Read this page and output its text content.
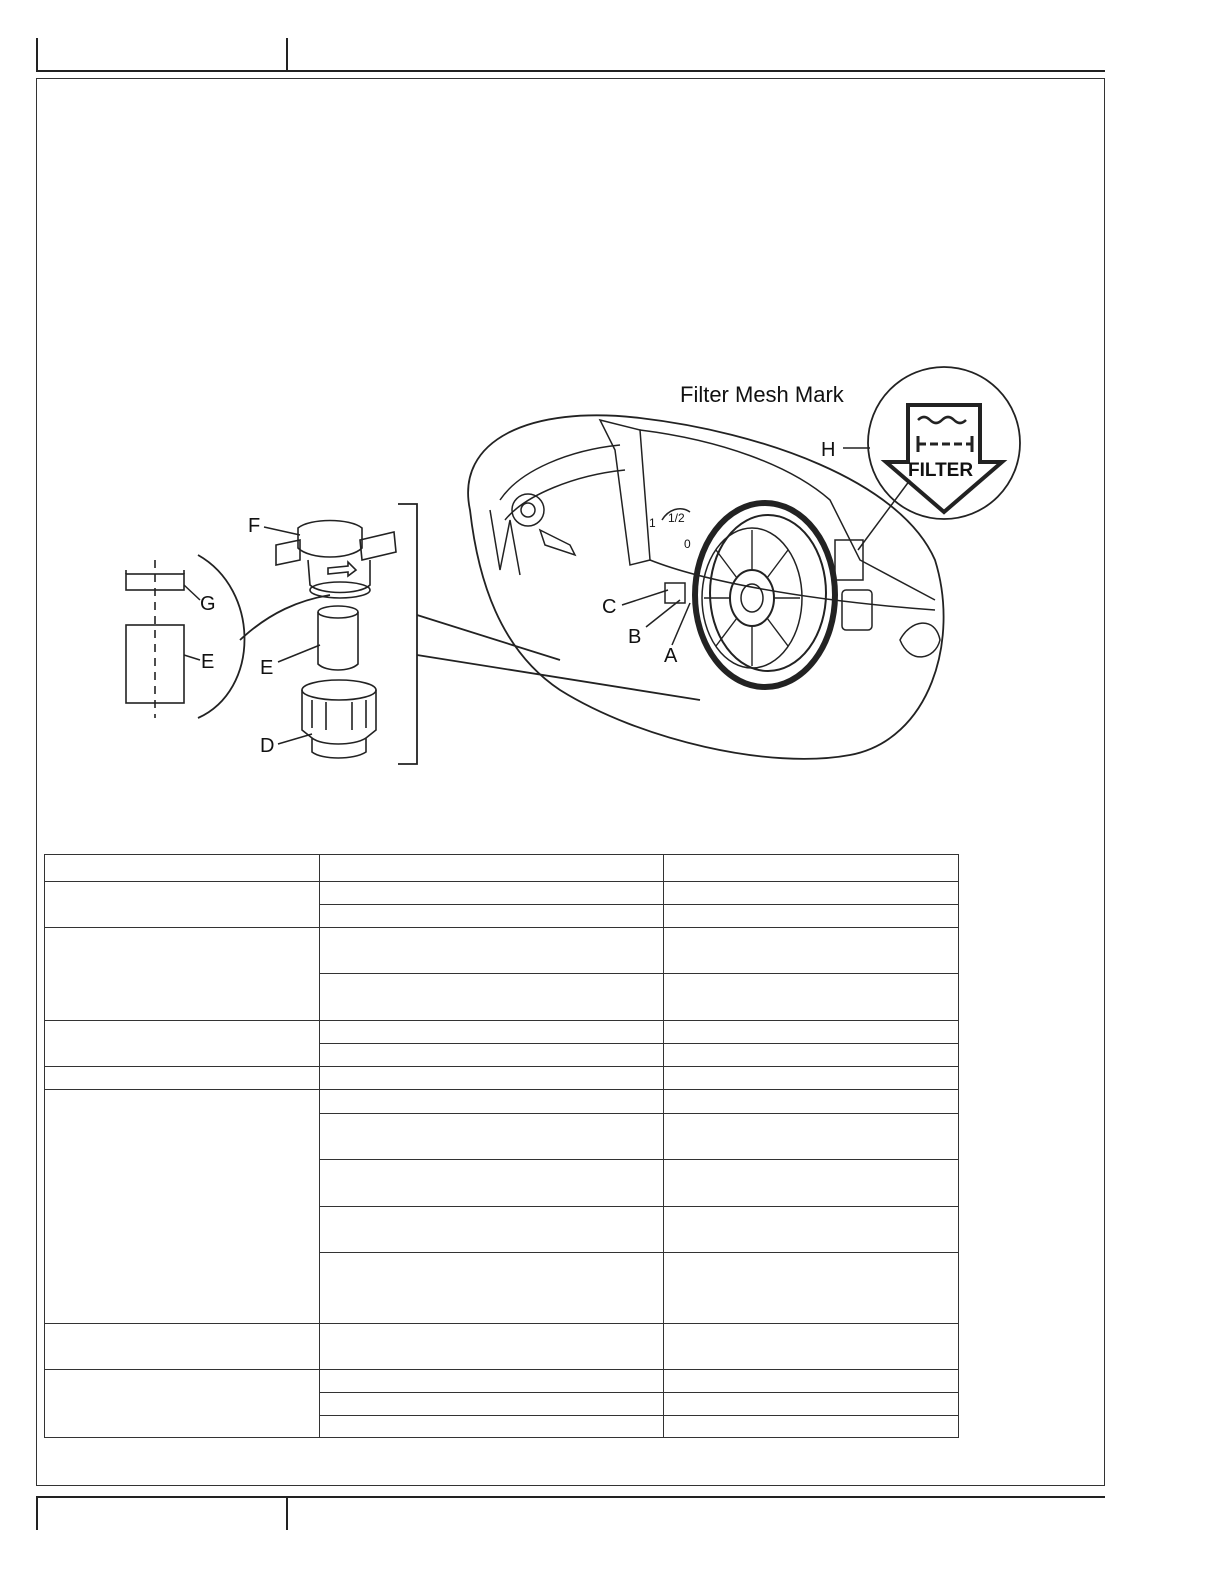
Filter Mesh Mark
H
FILTER
1 1/2
0
C
B
A
F
G
E E
D
